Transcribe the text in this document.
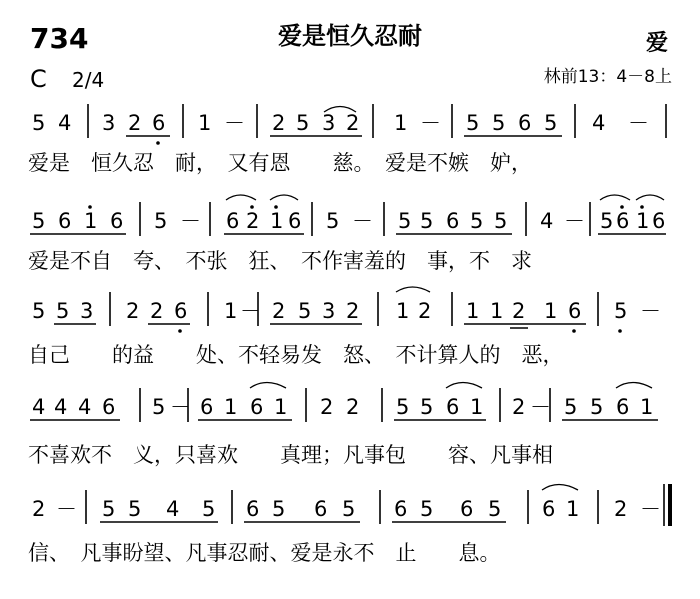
734	爱是恒久忍耐	爱
C 2/4	林前13：4－8上
5 4 3 2 6 1 － 2 5 3 2 1 － 5 5 6 5 4 －
爱是　恒久忍　耐，　又有恩　　慈。　爱是不嫉　妒，
5 6 1 6 5 － 6 2 1 6 5 － 5 5 6 5 5 4 － 5 6 1 6
爱是不自　夸、　不张　狂、　不作害羞的　事，不　求
5 5 3 2 2 6 1 － 2 5 3 2 1 2 1 1 2 1 6 5 －
自己　　的益　　处、不轻易发　怒、　不计算人的　恶，
4 4 4 6 5 － 6 1 6 1 2 2 5 5 6 1 2 － 5 5 6 1
不喜欢不　义，只喜欢　　真理；凡事包　　容、凡事相
2 － 5 5 4 5 6 5 6 5 6 5 6 5 6 1 2 －
信、　凡事盼望、凡事忍耐、爱是永不　止　　息。
